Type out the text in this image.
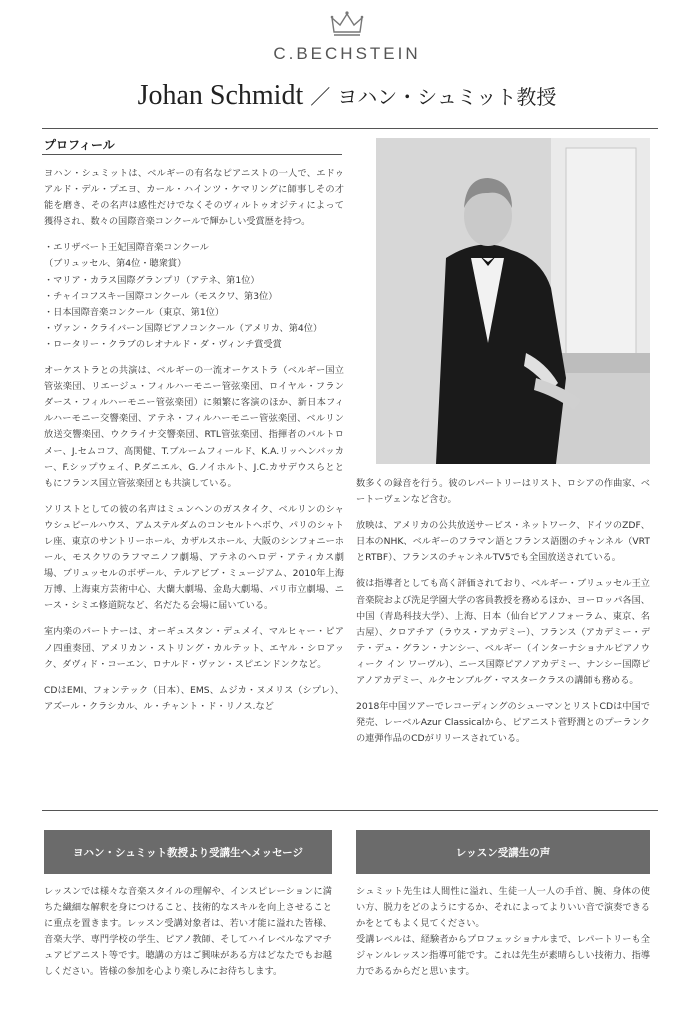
C.BECHSTEIN
Johan Schmidt ／ ヨハン・シュミット教授
プロフィール

ヨハン・シュミットは、ベルギーの有名なピアニストの一人で、エドゥアルド・デル・プエヨ、カール・ハインツ・ケマリングに師事しその才能を磨き、その名声は感性だけでなくそのヴィルトゥオジティによって獲得され、数々の国際音楽コンクールで輝かしい受賞歴を持つ。

・エリザベート王妃国際音楽コンクール
（ブリュッセル、第4位・聴衆賞）
・マリア・カラス国際グランプリ（アテネ、第1位）
・チャイコフスキー国際コンクール（モスクワ、第3位）
・日本国際音楽コンクール（東京、第1位）
・ヴァン・クライバーン国際ピアノコンクール（アメリカ、第4位）
・ロータリー・クラブのレオナルド・ダ・ヴィンチ賞受賞

オーケストラとの共演は、ベルギーの一流オーケストラ（ベルギー国立管弦楽団、リエージュ・フィルハーモニー管弦楽団、ロイヤル・フランダース・フィルハーモニー管弦楽団）に頻繁に客演のほか、新日本フィルハーモニー交響楽団、アテネ・フィルハーモニー管弦楽団、ベルリン放送交響楽団、ウクライナ交響楽団、RTL管弦楽団、指揮者のバルトロメー、J.セムコフ、高関健、T.ブルームフィールド、K.A.リッヘンバッカー、F.シップウェイ、P.ダニエル、G.ノイホルト、J.C.カサデウスらとともにフランス国立管弦楽団とも共演している。

ソリストとしての彼の名声はミュンヘンのガスタイク、ベルリンのシャウシュピールハウス、アムステルダムのコンセルトヘボウ、パリのシャトレ座、東京のサントリーホール、カザルスホール、大阪のシンフォニーホール、モスクワのラフマニノフ劇場、アテネのヘロデ・アティカス劇場、ブリュッセルのボザール、テルアビブ・ミュージアム、2010年上海万博、上海東方芸術中心、大蘭大劇場、金島大劇場、パリ市立劇場、ニース・シミエ修道院など、名だたる会場に届いている。

室内楽のパートナーは、オーギュスタン・デュメイ、マルヒャー・ピアノ四重奏団、アメリカン・ストリング・カルテット、エヤル・シロアック、ダヴィド・コーエン、ロナルド・ヴァン・スピエンドンクなど。

CDはEMI、フォンテック（日本）、EMS、ムジカ・ヌメリス（シプレ）、アズール・クラシカル、ル・チャント・ド・リノス.など

数多くの録音を行う。彼のレパートリーはリスト、ロシアの作曲家、ベートーヴェンなど含む。

放映は、アメリカの公共放送サービス・ネットワーク、ドイツのZDF、日本のNHK、ベルギーのフラマン語とフランス語圏のチャンネル（VRTとRTBF）、フランスのチャンネルTV5でも全国放送されている。

彼は指導者としても高く評価されており、ベルギー・ブリュッセル王立音楽院および洗足学園大学の客員教授を務めるほか、ヨーロッパ各国、中国（青島科技大学）、上海、日本（仙台ピアノフォーラム、東京、名古屋）、クロアチア（ラウス・アカデミー）、フランス（アカデミー・デテ・デュ・グラン・ナンシー、ベルギー（インターナショナルピアノウィーク イン ワーヴル）、ニース国際ピアノアカデミー、ナンシー国際ピアノアカデミー、ルクセンブルグ・マスタークラスの講師も務める。

2018年中国ツアーでレコーディングのシューマンとリストCDは中国で発売、レーベルAzur Classicalから、ピアニスト菅野潤とのプーランクの連弾作品のCDがリリースされている。

ヨハン・シュミット教授より受講生へメッセージ

レッスンでは様々な音楽スタイルの理解や、インスピレーションに満ちた繊細な解釈を身につけること、技術的なスキルを向上させることに重点を置きます。レッスン受講対象者は、若い才能に溢れた皆様、音楽大学、専門学校の学生、ピアノ教師、そしてハイレベルなアマチュアピアニスト等です。聴講の方はご興味がある方はどなたでもお越しください。皆様の参加を心より楽しみにお待ちします。

レッスン受講生の声

シュミット先生は人間性に溢れ、生徒一人一人の手首、腕、身体の使い方、脱力をどのようにするか、それによってよりいい音で演奏できるかをとてもよく見てください。

受講レベルは、経験者からプロフェッショナルまで、レパートリーも全ジャンルレッスン指導可能です。これは先生が素晴らしい技術力、指導力であるからだと思います。
